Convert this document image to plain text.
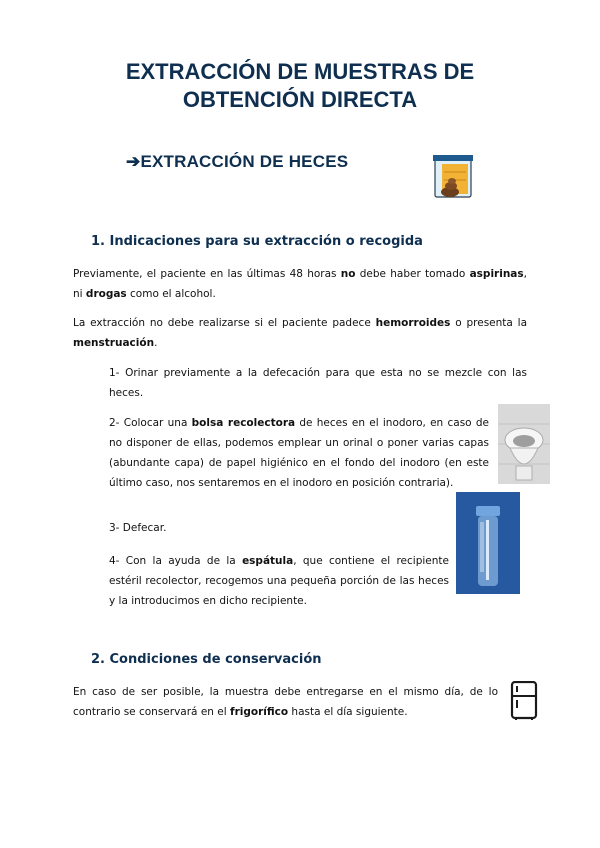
EXTRACCIÓN DE MUESTRAS DE
OBTENCIÓN DIRECTA
➔EXTRACCIÓN DE HECES
1. Indicaciones para su extracción o recogida
Previamente, el paciente en las últimas 48 horas no debe haber tomado aspirinas, ni drogas como el alcohol.
La extracción no debe realizarse si el paciente padece hemorroides o presenta la menstruación.
1- Orinar previamente a la defecación para que esta no se mezcle con las heces.
2- Colocar una bolsa recolectora de heces en el inodoro, en caso de no disponer de ellas, podemos emplear un orinal o poner varias capas (abundante capa) de papel higiénico en el fondo del inodoro (en este último caso, nos sentaremos en el inodoro en posición contraria).
3- Defecar.
4- Con la ayuda de la espátula, que contiene el recipiente estéril recolector, recogemos una pequeña porción de las heces y la introducimos en dicho recipiente.
2. Condiciones de conservación
En caso de ser posible, la muestra debe entregarse en el mismo día, de lo contrario se conservará en el frigorífico hasta el día siguiente.
